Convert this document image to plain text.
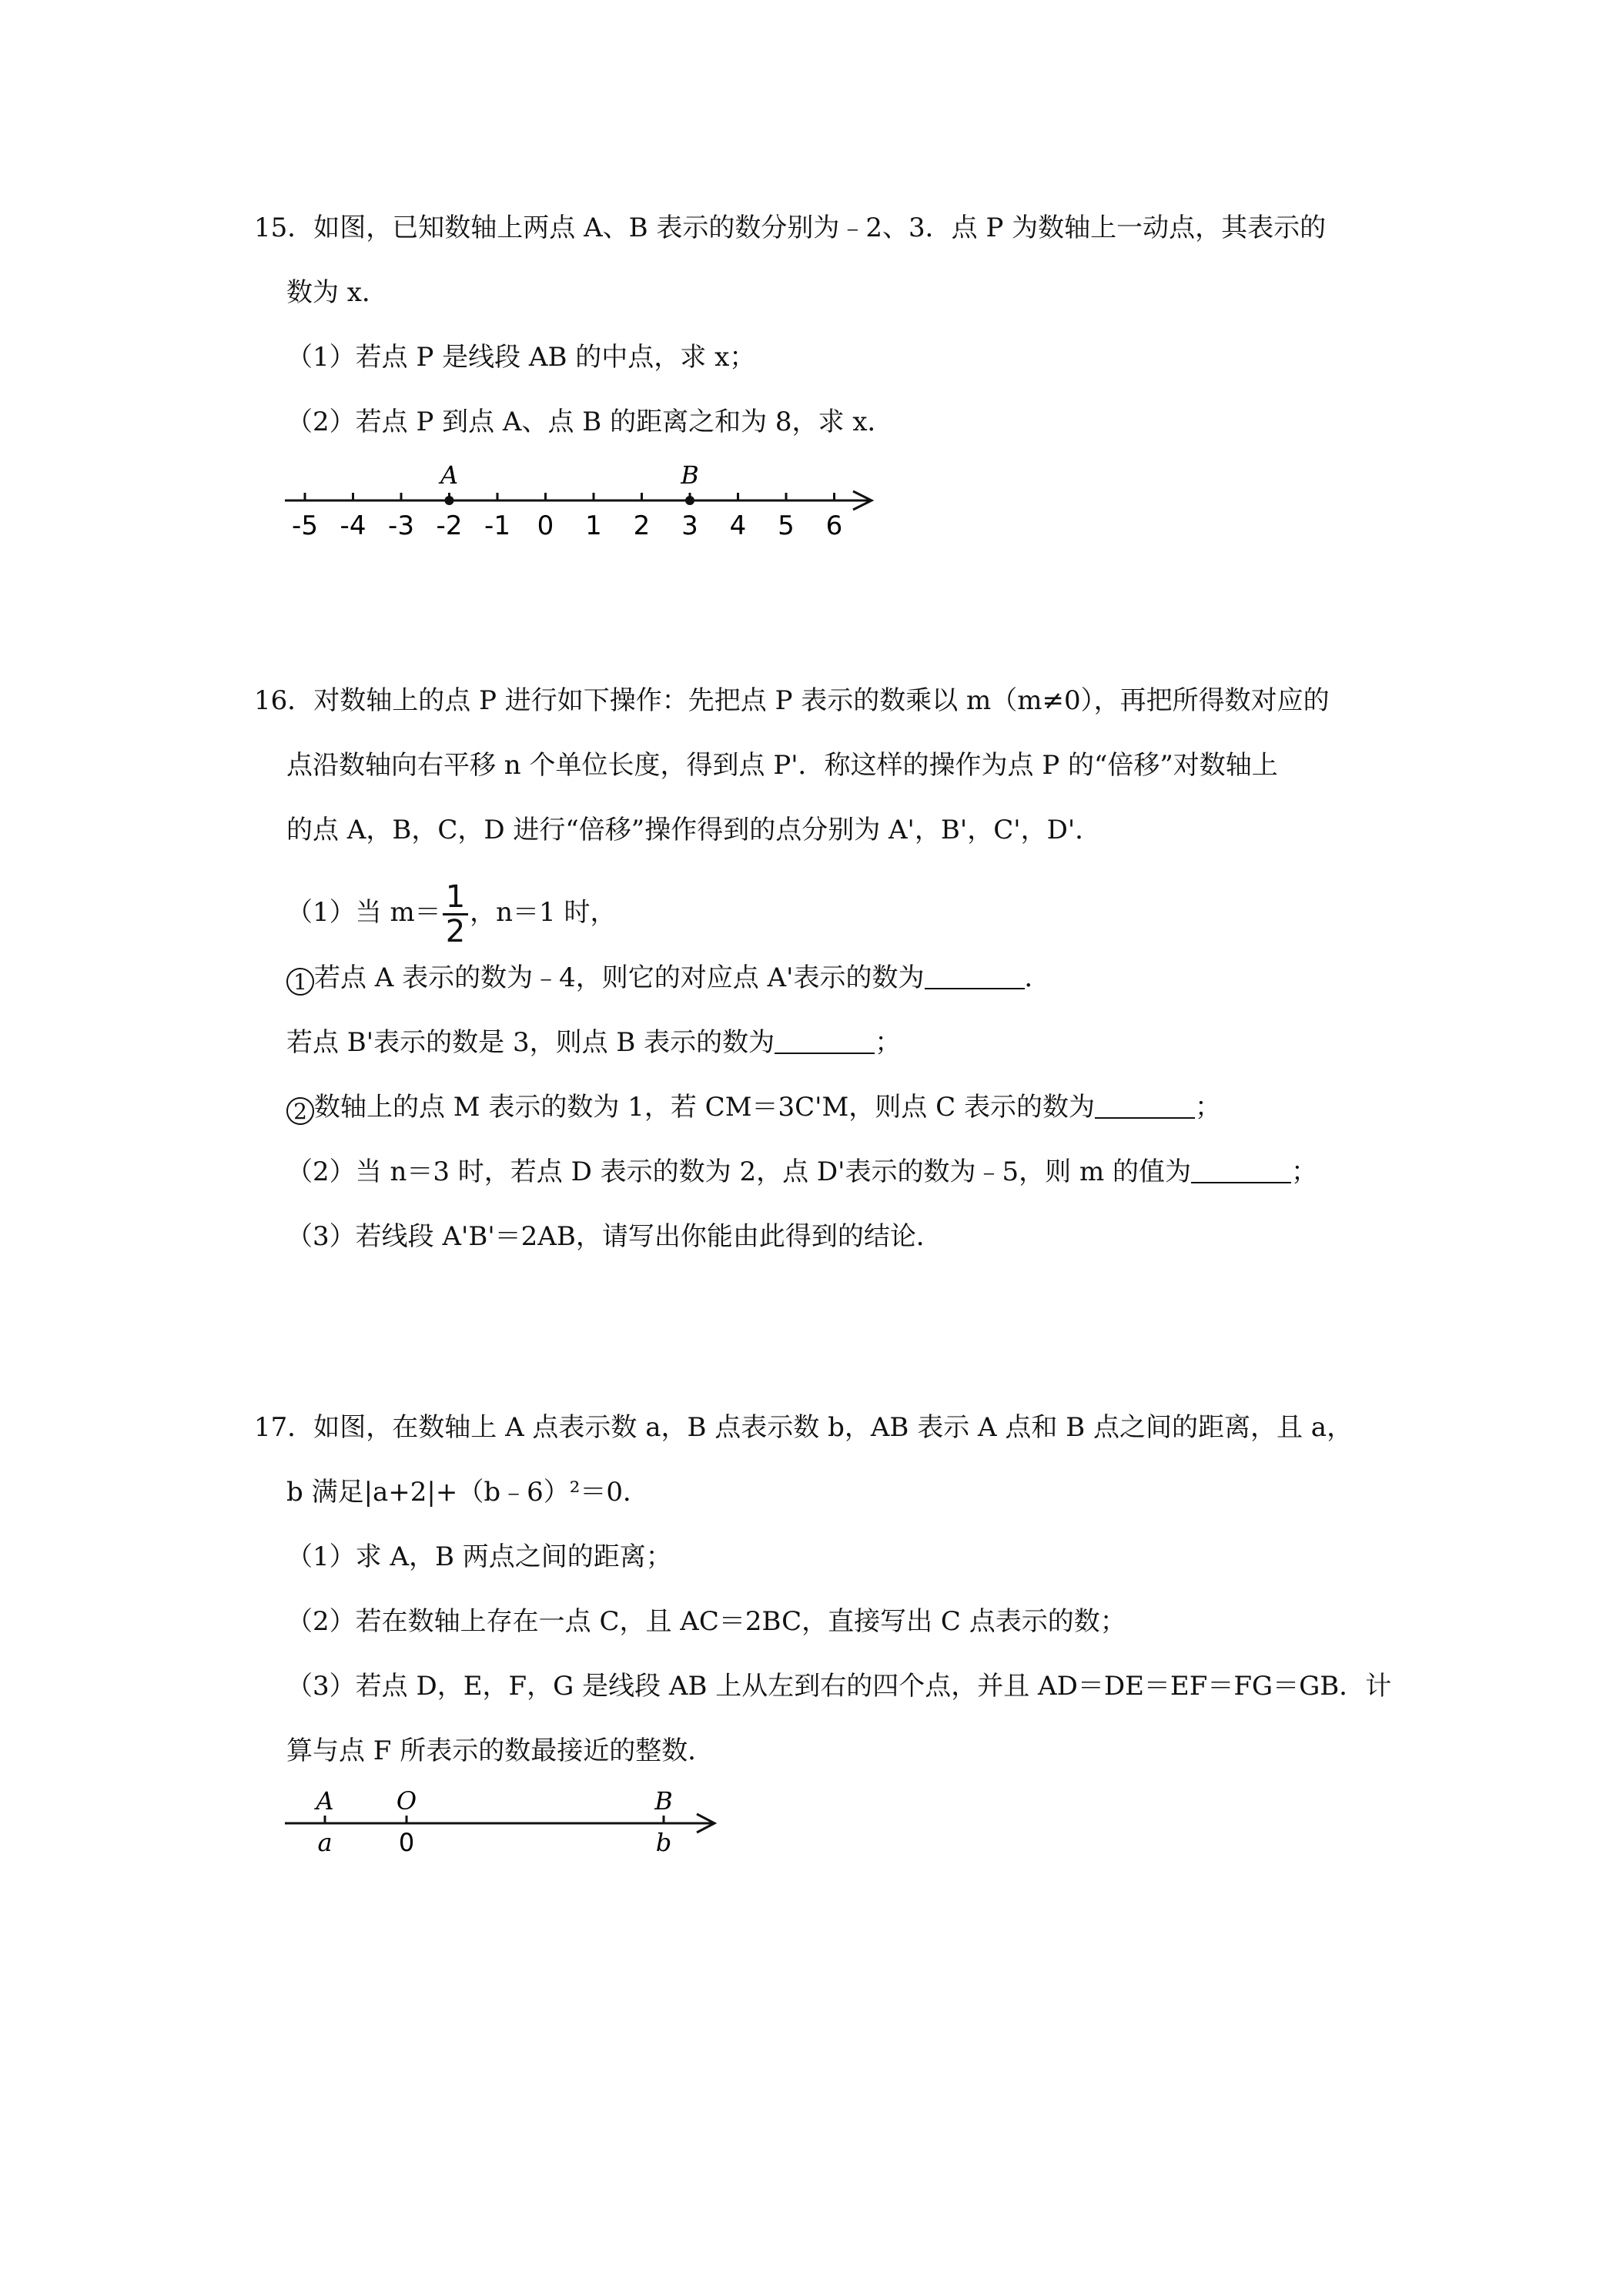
15．如图，已知数轴上两点 A、B 表示的数分别为﹣2、3．点 P 为数轴上一动点，其表示的
数为 x．
（1）若点 P 是线段 AB 的中点，求 x；
（2）若点 P 到点 A、点 B 的距离之和为 8，求 x．
-5 -4 -3 -2 -1 0 1 2 3 4 5 6
A	B
16．对数轴上的点 P 进行如下操作：先把点 P 表示的数乘以 m（m≠0），再把所得数对应的
点沿数轴向右平移 n 个单位长度，得到点 P'．称这样的操作为点 P 的“倍移”对数轴上
的点 A，B，C，D 进行“倍移”操作得到的点分别为 A'，B'，C'，D'．
（1）当 $m= \frac{1}{2}$ ，n＝1 时，
1 若点 A 表示的数为﹣4，则它的对应点 A'表示的数为	．
若点 B'表示的数是 3，则点 B 表示的数为	；
2 数轴上的点 M 表示的数为 1，若 CM＝3C'M，则点 C 表示的数为	；
（2）当 n＝3 时，若点 D 表示的数为 2，点 D'表示的数为﹣5，则 m 的值为	；
（3）若线段 A'B'＝2AB，请写出你能由此得到的结论．
17．如图，在数轴上 A 点表示数 a，B 点表示数 b，AB 表示 A 点和 B 点之间的距离，且 a，
b 满足|a+2|+（b﹣6）²＝0．
（1）求 A，B 两点之间的距离；
（2）若在数轴上存在一点 C，且 AC＝2BC，直接写出 C 点表示的数；
（3）若点 D，E，F，G 是线段 AB 上从左到右的四个点，并且 AD＝DE＝EF＝FG＝GB．计
算与点 F 所表示的数最接近的整数．
A	O	B
a	0	b
